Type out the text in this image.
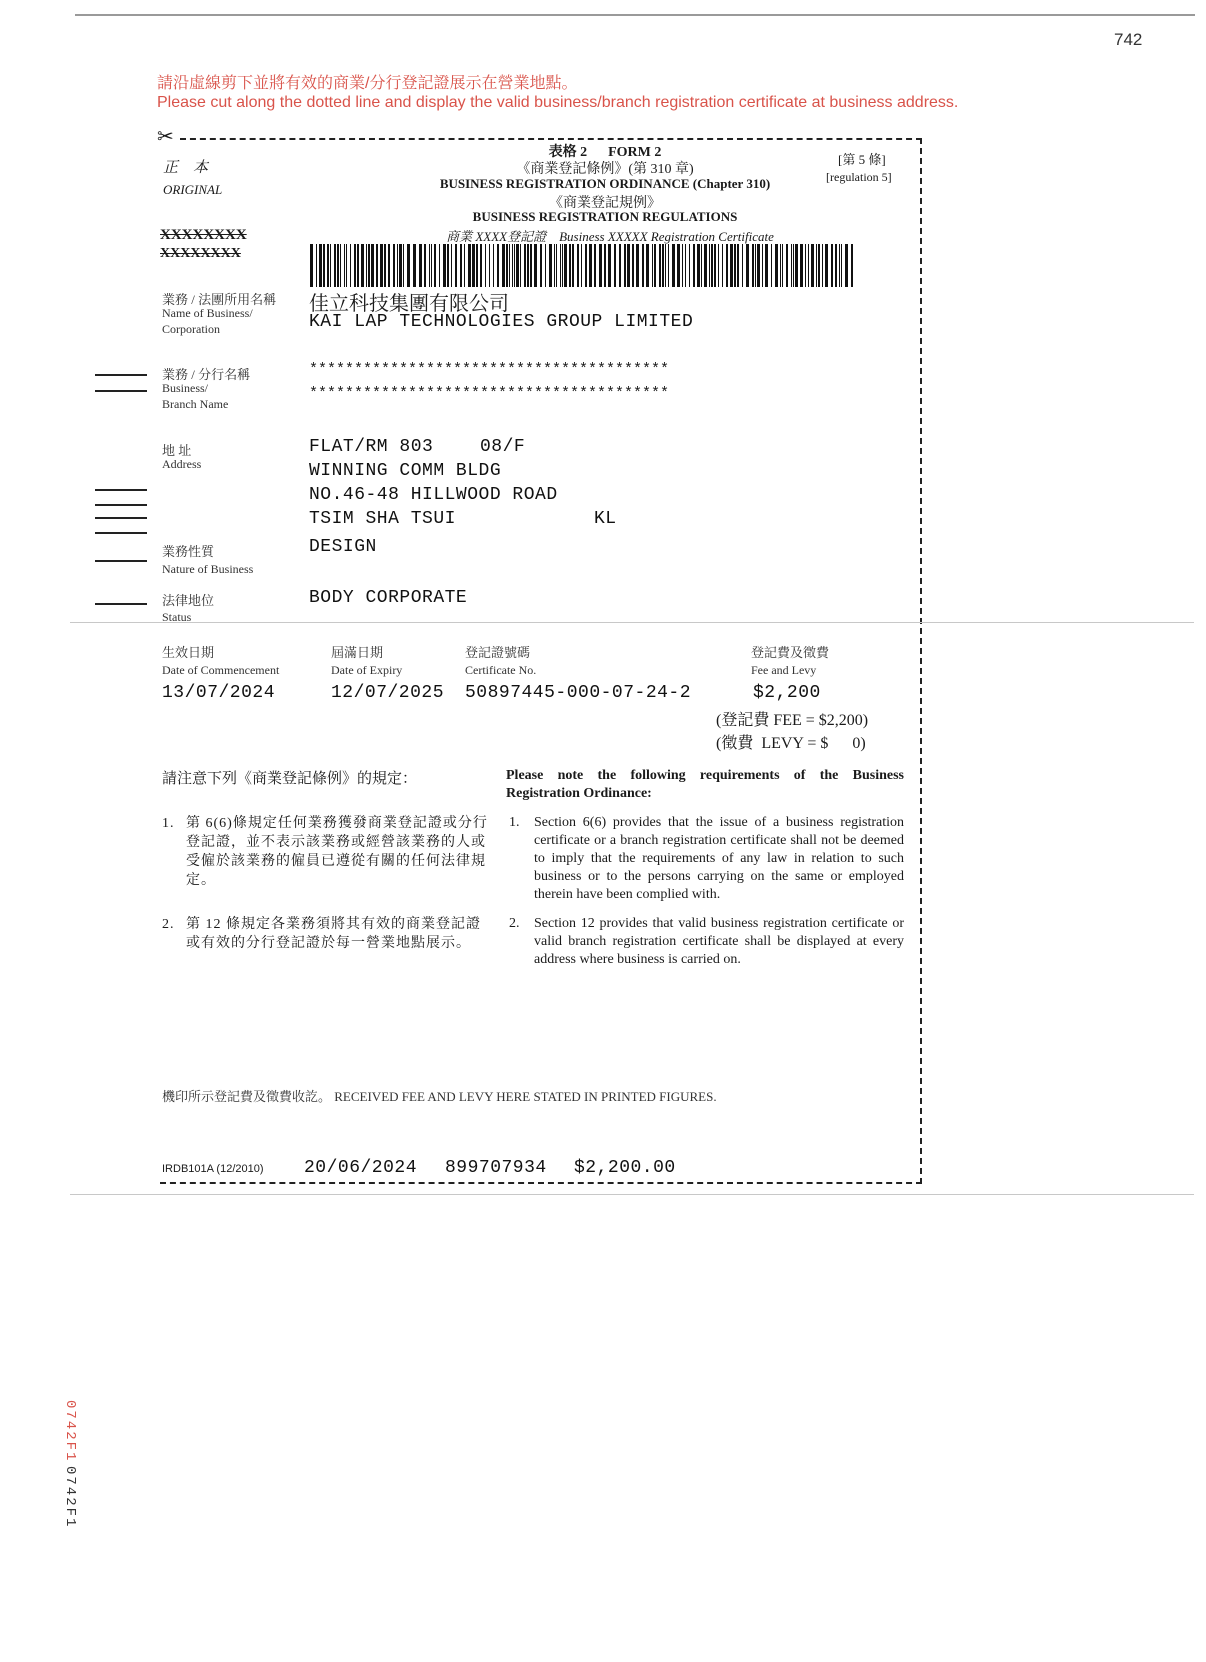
742
請沿虛線剪下並將有效的商業/分行登記證展示在營業地點。
Please cut along the dotted line and display the valid business/branch registration certificate at business address.
✂
正    本
ORIGINAL
XXXXXXXX
XXXXXXXX
表格 2      FORM 2
《商業登記條例》(第 310 章)
BUSINESS REGISTRATION ORDINANCE (Chapter 310)
《商業登記規例》
BUSINESS REGISTRATION REGULATIONS
商業 XXXX登記證    Business XXXXX Registration Certificate
[第 5 條]
[regulation 5]
業務 / 法團所用名稱
Name of Business/
Corporation
佳立科技集團有限公司
KAI LAP TECHNOLOGIES GROUP LIMITED
業務 / 分行名稱
Business/
Branch Name
****************************************
****************************************
地 址
Address
FLAT/RM 803	08/F
WINNING COMM BLDG
NO.46-48 HILLWOOD ROAD
TSIM SHA TSUI	KL
業務性質
Nature of Business
DESIGN
法律地位
Status
BODY CORPORATE
生效日期
Date of Commencement
13/07/2024
屆滿日期
Date of Expiry
12/07/2025
登記證號碼
Certificate No.
50897445-000-07-24-2
登記費及徵費
Fee and Levy
$2,200
(登記費 FEE = $2,200)
(徵費  LEVY = $      0)
請注意下列《商業登記條例》的規定：	Please note the following requirements of the Business Registration Ordinance:
1. 第 6(6)條規定任何業務獲發商業登記證或分行登記證，並不表示該業務或經營該業務的人或受僱於該業務的僱員已遵從有關的任何法律規定。
1. Section 6(6) provides that the issue of a business registration certificate or a branch registration certificate shall not be deemed to imply that the requirements of any law in relation to such business or to the persons carrying on the same or employed therein have been complied with.
2. 第 12 條規定各業務須將其有效的商業登記證或有效的分行登記證於每一營業地點展示。
2. Section 12 provides that valid business registration certificate or valid branch registration certificate shall be displayed at every address where business is carried on.
機印所示登記費及徵費收訖。 RECEIVED FEE AND LEVY HERE STATED IN PRINTED FIGURES.
IRDB101A (12/2010) 20/06/2024 899707934 $2,200.00
0742F1
0742F1
